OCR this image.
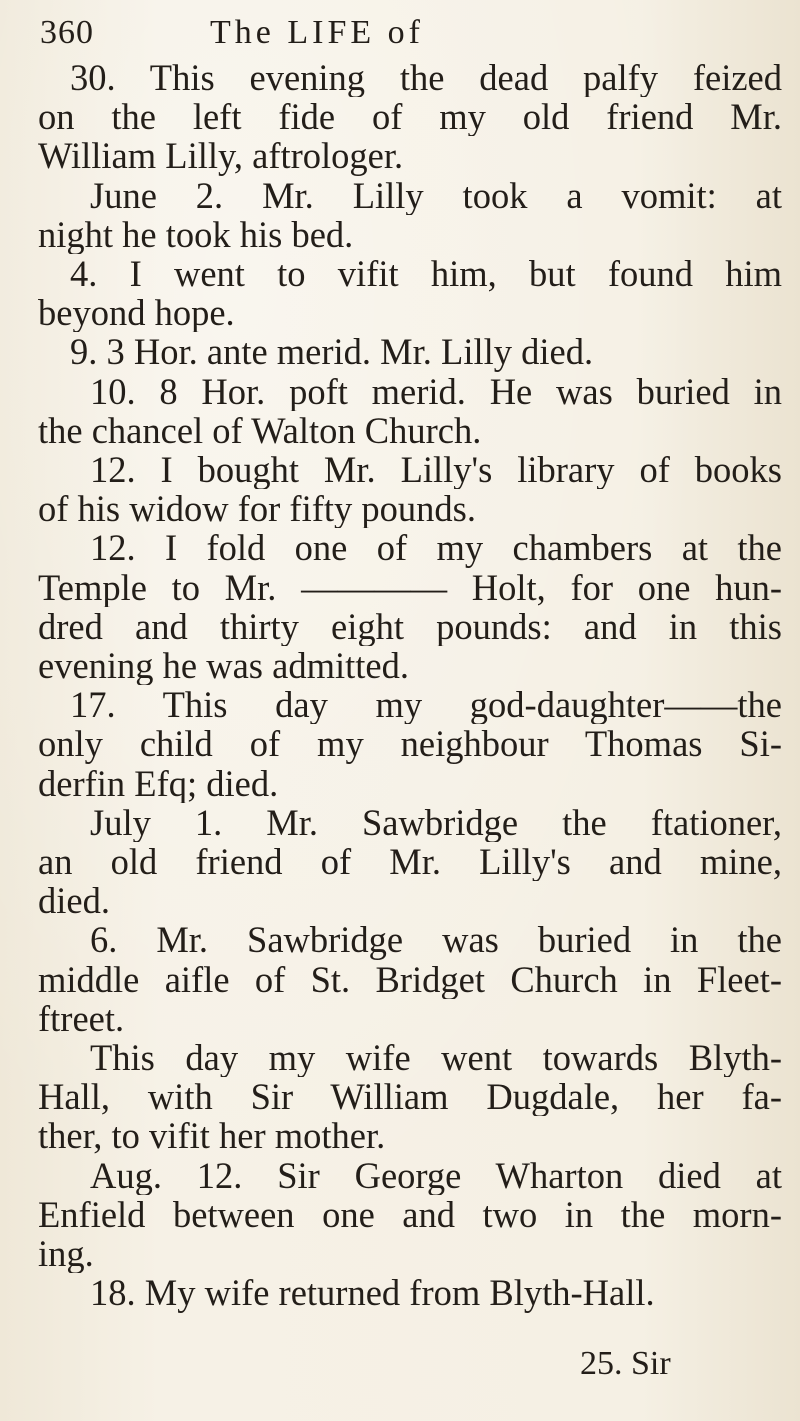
360	The LIFE of
30. This evening the dead palfy feized
on the left fide of my old friend Mr.
William Lilly, aftrologer.
June 2. Mr. Lilly took a vomit: at
night he took his bed.
4. I went to vifit him, but found him
beyond hope.
9. 3 Hor. ante merid. Mr. Lilly died.
10. 8 Hor. poft merid. He was buried in
the chancel of Walton Church.
12. I bought Mr. Lilly's library of books
of his widow for fifty pounds.
12. I fold one of my chambers at the
Temple to Mr. ———— Holt, for one hun-
dred and thirty eight pounds: and in this
evening he was admitted.
17. This day my god-daughter——the
only child of my neighbour Thomas Si-
derfin Efq; died.
July 1. Mr. Sawbridge the ftationer,
an old friend of Mr. Lilly's and mine,
died.
6. Mr. Sawbridge was buried in the
middle aifle of St. Bridget Church in Fleet-
ftreet.
This day my wife went towards Blyth-
Hall, with Sir William Dugdale, her fa-
ther, to vifit her mother.
Aug. 12. Sir George Wharton died at
Enfield between one and two in the morn-
ing.
18. My wife returned from Blyth-Hall.
25. Sir
